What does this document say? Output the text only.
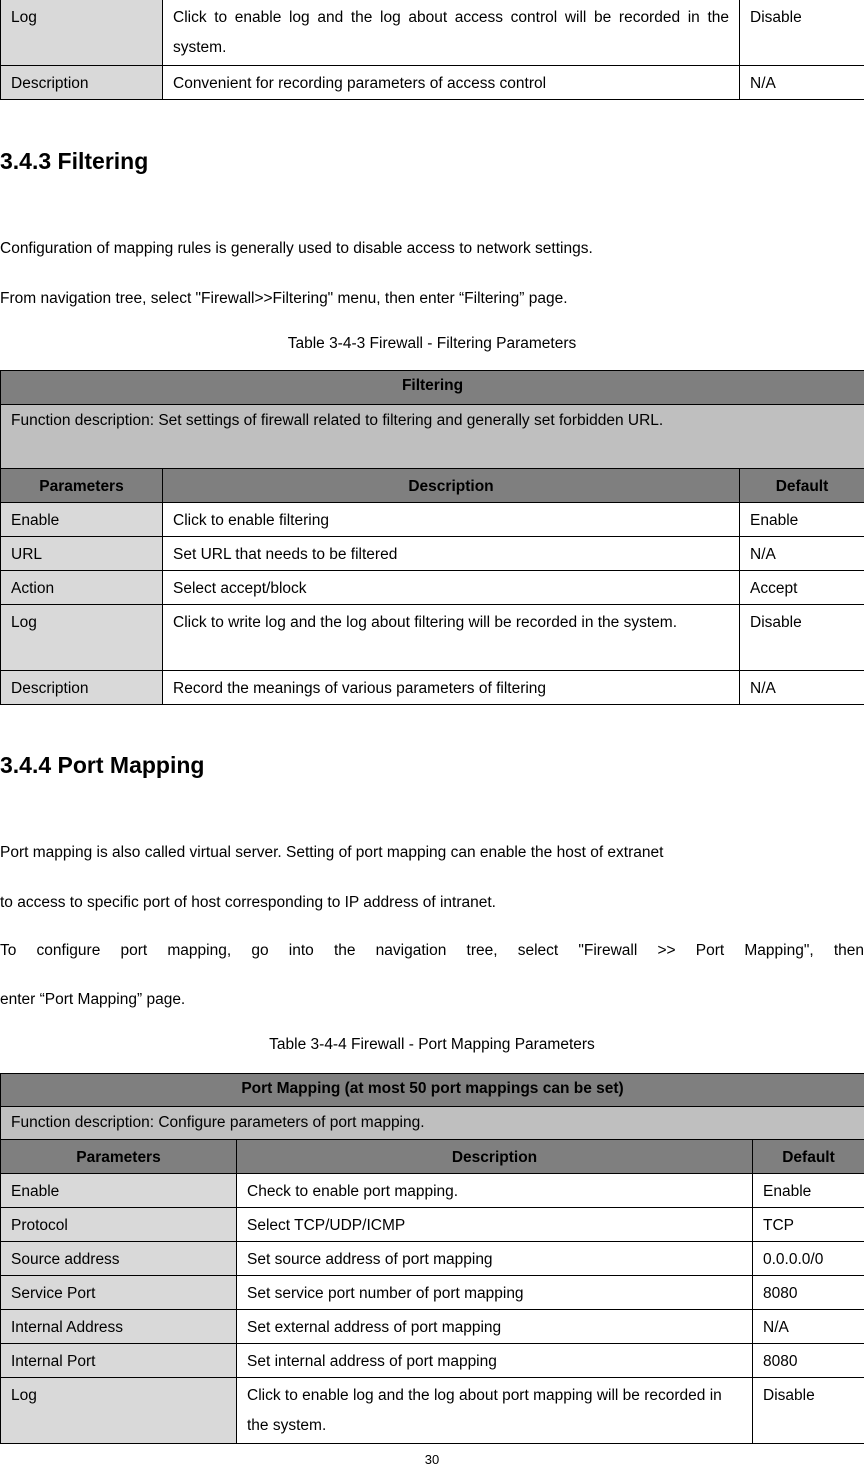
Log	Click to enable log and the log about access control will be recorded in the system.	Disable
Description	Convenient for recording parameters of access control	N/A
3.4.3 Filtering

Configuration of mapping rules is generally used to disable access to network settings.

From navigation tree, select "Firewall>>Filtering" menu, then enter “Filtering” page.

Table 3-4-3 Firewall - Filtering Parameters

Filtering		
Function description: Set settings of firewall related to filtering and generally set forbidden URL.		
Parameters	Description	Default
Enable	Click to enable filtering	Enable
URL	Set URL that needs to be filtered	N/A
Action	Select accept/block	Accept
Log	Click to write log and the log about filtering will be recorded in the system.	Disable
Description	Record the meanings of various parameters of filtering	N/A
3.4.4 Port Mapping

Port mapping is also called virtual server. Setting of port mapping can enable the host of extranet

to access to specific port of host corresponding to IP address of intranet.

To configure port mapping, go into the navigation tree, select "Firewall >> Port Mapping", then

enter “Port Mapping” page.

Table 3-4-4 Firewall - Port Mapping Parameters

Port Mapping (at most 50 port mappings can be set)		
Function description: Configure parameters of port mapping.		
Parameters	Description	Default
Enable	Check to enable port mapping.	Enable
Protocol	Select TCP/UDP/ICMP	TCP
Source address	Set source address of port mapping	0.0.0.0/0
Service Port	Set service port number of port mapping	8080
Internal Address	Set external address of port mapping	N/A
Internal Port	Set internal address of port mapping	8080
Log	Click to enable log and the log about port mapping will be recorded in the system.	Disable
30
